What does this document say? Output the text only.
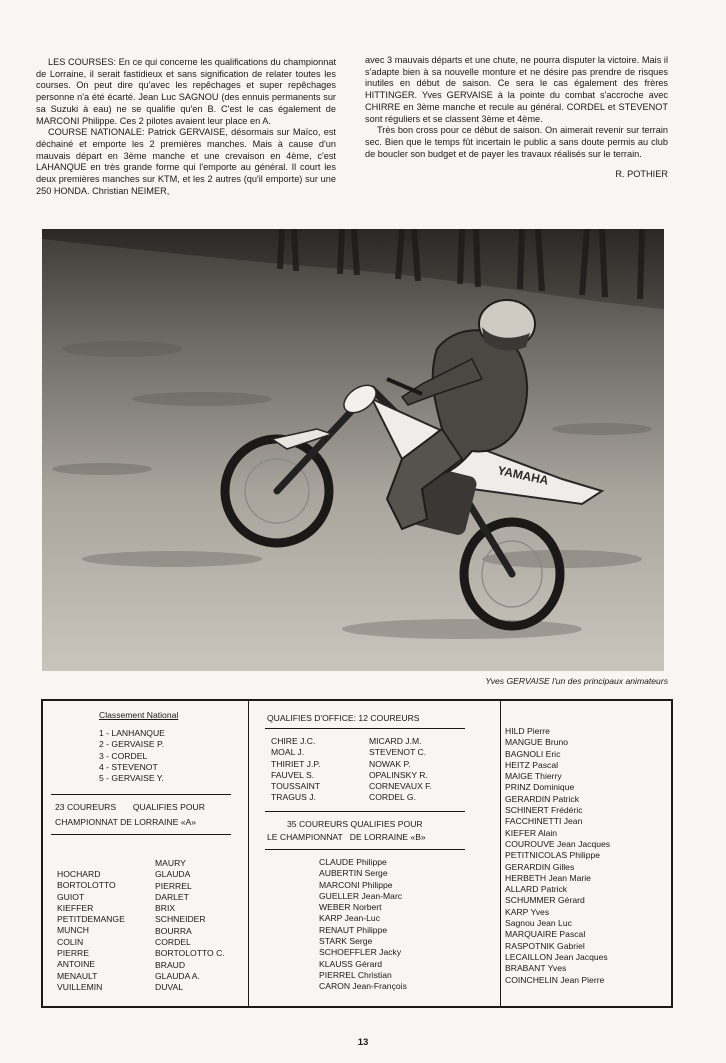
LES COURSES: En ce qui concerne les qualifications du championnat de Lorraine, il serait fastidieux et sans signification de relater toutes les courses. On peut dire qu'avec les repêchages et super repêchages personne n'a été écarté. Jean Luc SAGNOU (des ennuis permanents sur sa Suzuki à eau) ne se qualifie qu'en B. C'est le cas également de MARCONI Philippe. Ces 2 pilotes avaient leur place en A.

COURSE NATIONALE: Patrick GERVAISE, désormais sur Maïco, est déchainé et emporte les 2 premières manches. Mais à cause d'un mauvais départ en 3ème manche et une crevaison en 4ème, c'est LAHANQUE en très grande forme qui l'emporte au général. Il court les deux premières manches sur KTM, et les 2 autres (qu'il emporte) sur une 250 HONDA. Christian NEIMER,

avec 3 mauvais départs et une chute, ne pourra disputer la victoire. Mais il s'adapte bien à sa nouvelle monture et ne désire pas prendre de risques inutiles en début de saison. Ce sera le cas également des frères HITTINGER. Yves GERVAISE à la pointe du combat s'accroche avec CHIRRE en 3ème manche et recule au général. CORDEL et STEVENOT sont réguliers et se classent 3ème et 4ème.

Très bon cross pour ce début de saison. On aimerait revenir sur terrain sec. Bien que le temps fût incertain le public a sans doute permis au club de boucler son budget et de payer les travaux réalisés sur le terrain.

R. POTHIER

YAMAHA
Yves GERVAISE l'un des principaux animateurs
Classement National
1 - LANHANQUE
2 - GERVAISE P.
3 - CORDEL
4 - STEVENOT
5 - GERVAISE Y.
23 COUREURS       QUALIFIES POUR
CHAMPIONNAT DE LORRAINE «A»
HOCHARD
BORTOLOTTO
GUIOT
KIEFFER
PETITDEMANGE
MUNCH
COLIN
PIERRE
ANTOINE
MENAULT
VUILLEMIN
MAURY
GLAUDA
PIERREL
DARLET
BRIX
SCHNEIDER
BOURRA
CORDEL
BORTOLOTTO C.
BRAUD
GLAUDA A.
DUVAL
QUALIFIES D'OFFICE: 12 COUREURS
CHIRE J.C.
MOAL J.
THIRIET J.P.
FAUVEL S.
TOUSSAINT
TRAGUS J.
MICARD J.M.
STEVENOT C.
NOWAK P.
OPALINSKY R.
CORNEVAUX F.
CORDEL G.
35 COUREURS QUALIFIES POUR
LE CHAMPIONNAT   DE LORRAINE «B»
CLAUDE Philippe
AUBERTIN Serge
MARCONI Philippe
GUELLER Jean-Marc
WEBER Norbert
KARP Jean-Luc
RENAUT Philippe
STARK Serge
SCHOEFFLER Jacky
KLAUSS Gérard
PIERREL Christian
CARON Jean-François
HILD Pierre
MANGUE Bruno
BAGNOLI Eric
HEITZ Pascal
MAIGE Thierry
PRINZ Dominique
GERARDIN Patrick
SCHINERT Frédéric
FACCHINETTI Jean
KIEFER Alain
COUROUVE Jean Jacques
PETITNICOLAS Philippe
GERARDIN Gilles
HERBETH Jean Marie
ALLARD Patrick
SCHUMMER Gérard
KARP Yves
Sagnou Jean Luc
MARQUAIRE Pascal
RASPOTNIK Gabriel
LECAILLON Jean Jacques
BRABANT Yves
COINCHELIN Jean Pierre
13
